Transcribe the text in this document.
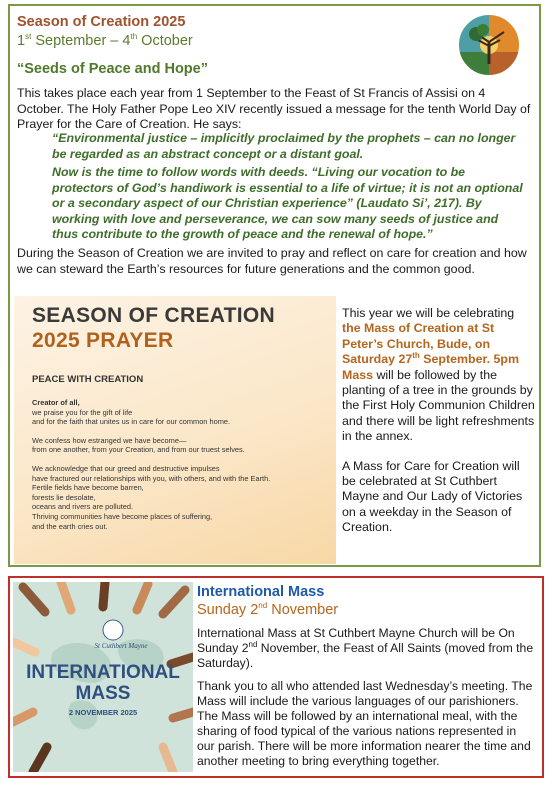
Season of Creation 2025
1st September – 4th October
“Seeds of Peace and Hope”
This takes place each year from 1 September to the Feast of St Francis of Assisi on 4 October. The Holy Father Pope Leo XIV recently issued a message for the tenth World Day of Prayer for the Care of Creation. He says:
“Environmental justice – implicitly proclaimed by the prophets – can no longer be regarded as an abstract concept or a distant goal.
Now is the time to follow words with deeds. “Living our vocation to be protectors of God’s handiwork is essential to a life of virtue; it is not an optional or a secondary aspect of our Christian experience” (Laudato Si’, 217). By working with love and perseverance, we can sow many seeds of justice and thus contribute to the growth of peace and the renewal of hope.”
During the Season of Creation we are invited to pray and reflect on care for creation and how we can steward the Earth’s resources for future generations and the common good.
SEASON OF CREATION
2025 PRAYER
PEACE WITH CREATION
Creator of all,
we praise you for the gift of life
and for the faith that unites us in care for our common home.
We confess how estranged we have become—
from one another, from your Creation, and from our truest selves.
We acknowledge that our greed and destructive impulses
have fractured our relationships with you, with others, and with the Earth.
Fertile fields have become barren,
forests lie desolate,
oceans and rivers are polluted.
Thriving communities have become places of suffering,
and the earth cries out.
This year we will be celebrating the Mass of Creation at St Peter’s Church, Bude, on Saturday 27th September. 5pm Mass will be followed by the planting of a tree in the grounds by the First Holy Communion Children and there will be light refreshments in the annex.
A Mass for Care for Creation will be celebrated at St Cuthbert Mayne and Our Lady of Victories on a weekday in the Season of Creation.
St Cuthbert Mayne
INTERNATIONAL
MASS
2 NOVEMBER 2025
International Mass
Sunday 2nd November
International Mass at St Cuthbert Mayne Church will be On Sunday 2nd November, the Feast of All Saints (moved from the Saturday).
Thank you to all who attended last Wednesday’s meeting. The Mass will include the various languages of our parishioners. The Mass will be followed by an international meal, with the sharing of food typical of the various nations represented in our parish. There will be more information nearer the time and another meeting to bring everything together.
